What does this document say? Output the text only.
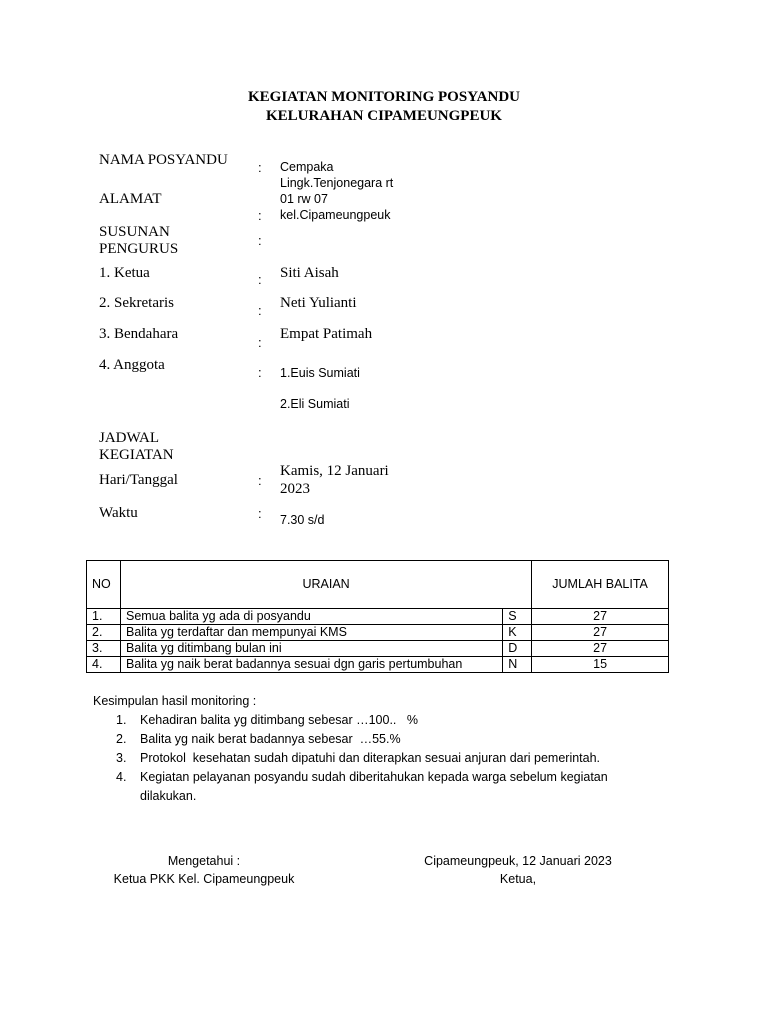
KEGIATAN MONITORING POSYANDU
KELURAHAN CIPAMEUNGPEUK
NAMA POSYANDU : Cempaka
ALAMAT
Lingk.Tenjonegara rt
01 rw 07
: kel.Cipameungpeuk
SUSUNAN
PENGURUS
:
1. Ketua	: Siti Aisah
2. Sekretaris	: Neti Yulianti
3. Bendahara
:
Empat Patimah
4. Anggota	: 1.Euis Sumiati
2.Eli Sumiati
JADWAL
KEGIATAN
Hari/Tanggal	:
Kamis, 12 Januari
2023
Waktu	: 7.30 s/d
NO	URAIAN		JUMLAH BALITA
1.	Semua balita yg ada di posyandu	S	27
2.	Balita yg terdaftar dan mempunyai KMS	K	27
3.	Balita yg ditimbang bulan ini	D	27
4.	Balita yg naik berat badannya sesuai dgn garis pertumbuhan	N	15
Kesimpulan hasil monitoring :
1. Kehadiran balita yg ditimbang sebesar …100..   %
2. Balita yg naik berat badannya sebesar  …55.%
3. Protokol  kesehatan sudah dipatuhi dan diterapkan sesuai anjuran dari pemerintah.
4. Kegiatan pelayanan posyandu sudah diberitahukan kepada warga sebelum kegiatan
dilakukan.
Mengetahui :
Ketua PKK Kel. Cipameungpeuk
Cipameungpeuk, 12 Januari 2023
Ketua,
